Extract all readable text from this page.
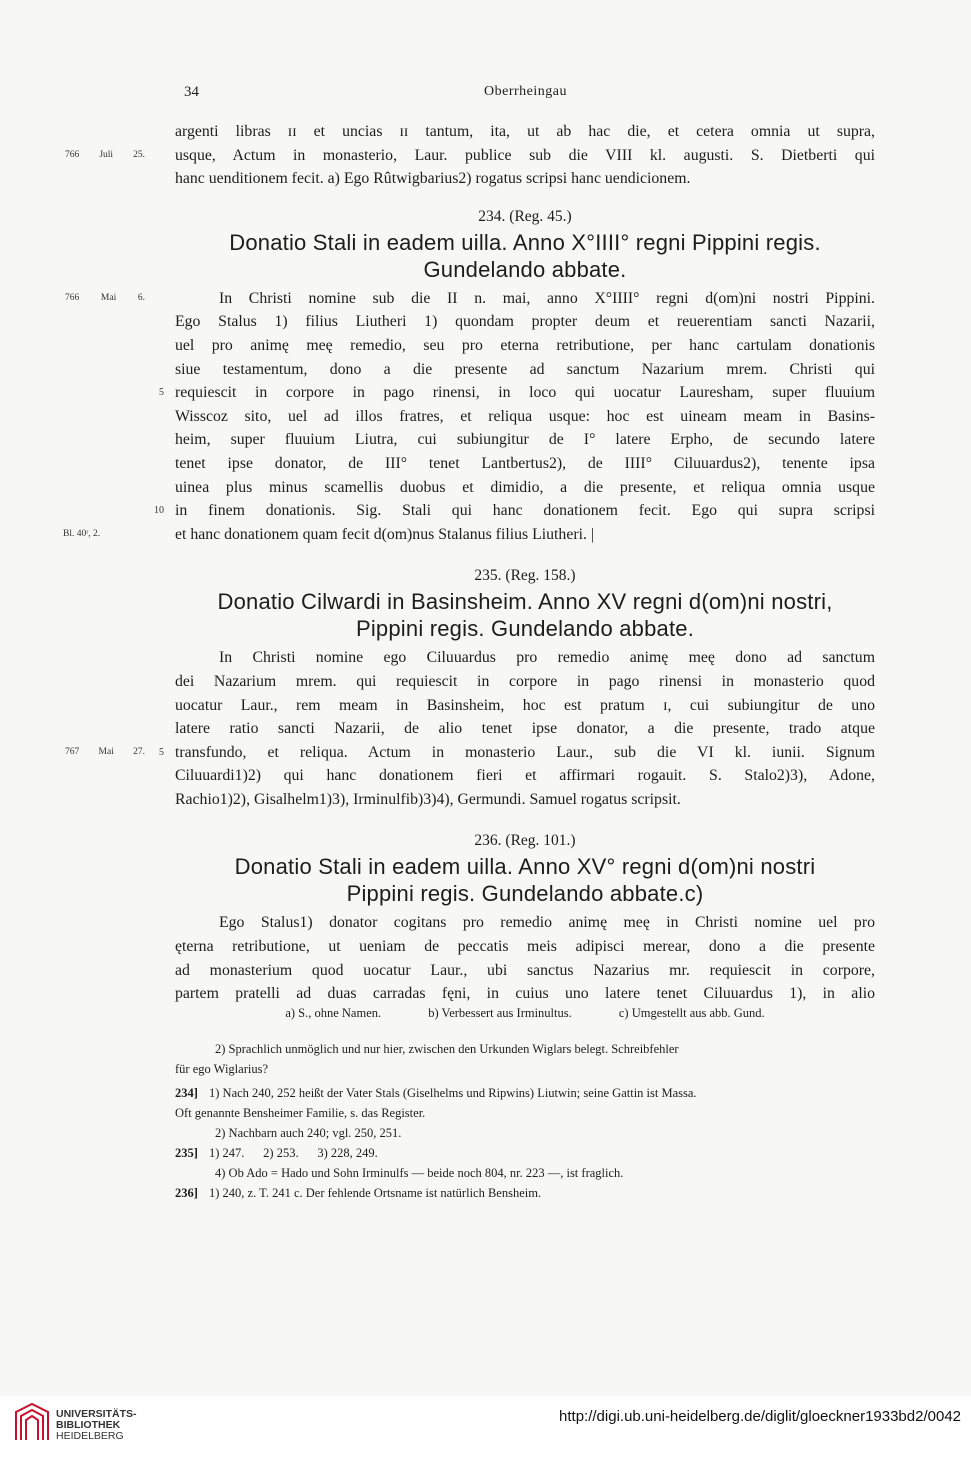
34	Oberrheingau
argenti libras ɪɪ et uncias ɪɪ tantum, ita, ut ab hac die, et cetera omnia ut supra,
766 Juli 25. usque, Actum in monasterio, Laur. publice sub die VIII kl. augusti. S. Dietberti qui
hanc uenditionem fecit. a) Ego Rûtwigbarius2) rogatus scripsi hanc uendicionem.
234. (Reg. 45.)
Donatio Stali in eadem uilla. Anno X°IIII° regni Pippini regis.
Gundelando abbate.
766 Mai 6.	In Christi nomine sub die II n. mai, anno X°IIII° regni d(om)ni nostri Pippini.
Ego Stalus 1) filius Liutheri 1) quondam propter deum et reuerentiam sancti Nazarii,
uel pro animę meę remedio, seu pro eterna retributione, per hanc cartulam donationis
siue testamentum, dono a die presente ad sanctum Nazarium mrem. Christi qui
5 requiescit in corpore in pago rinensi, in loco qui uocatur Lauresham, super fluuium
Wisscoz sito, uel ad illos fratres, et reliqua usque: hoc est uineam meam in Basins-
heim, super fluuium Liutra, cui subiungitur de I° latere Erpho, de secundo latere
tenet ipse donator, de III° tenet Lantbertus2), de IIII° Ciluuardus2), tenente ipsa
uinea plus minus scamellis duobus et dimidio, a die presente, et reliqua omnia usque
10 in finem donationis. Sig. Stali qui hanc donationem fecit. Ego qui supra scripsi
Bl. 40ʳ, 2.	et hanc donationem quam fecit d(om)nus Stalanus filius Liutheri. |
235. (Reg. 158.)
Donatio Cilwardi in Basinsheim. Anno XV regni d(om)ni nostri,
Pippini regis. Gundelando abbate.
In Christi nomine ego Ciluuardus pro remedio animę meę dono ad sanctum
dei Nazarium mrem. qui requiescit in corpore in pago rinensi in monasterio quod
uocatur Laur., rem meam in Basinsheim, hoc est pratum ɪ, cui subiungitur de uno
latere ratio sancti Nazarii, de alio tenet ipse donator, a die presente, trado atque
767 Mai 27. 5 transfundo, et reliqua. Actum in monasterio Laur., sub die VI kl. iunii. Signum
Ciluuardi1)2) qui hanc donationem fieri et affirmari rogauit. S. Stalo2)3), Adone,
Rachio1)2), Gisalhelm1)3), Irminulfib)3)4), Germundi. Samuel rogatus scripsit.
236. (Reg. 101.)
Donatio Stali in eadem uilla. Anno XV° regni d(om)ni nostri
Pippini regis. Gundelando abbate.c)
Ego Stalus1) donator cogitans pro remedio animę meę in Christi nomine uel pro
ęterna retributione, ut ueniam de peccatis meis adipisci merear, dono a die presente
ad monasterium quod uocatur Laur., ubi sanctus Nazarius mr. requiescit in corpore,
partem pratelli ad duas carradas fęni, in cuius uno latere tenet Ciluuardus 1), in alio
a) S., ohne Namen.	b) Verbessert aus Irminultus.	c) Umgestellt aus abb. Gund.
2) Sprachlich unmöglich und nur hier, zwischen den Urkunden Wiglars belegt. Schreibfehler
für ego Wiglarius?
234] 1) Nach 240, 252 heißt der Vater Stals (Giselhelms und Ripwins) Liutwin; seine Gattin ist Massa.
Oft genannte Bensheimer Familie, s. das Register.
2) Nachbarn auch 240; vgl. 250, 251.
235] 1) 247.      2) 253.      3) 228, 249.
4) Ob Ado = Hado und Sohn Irminulfs — beide noch 804, nr. 223 —, ist fraglich.
236] 1) 240, z. T. 241 c. Der fehlende Ortsname ist natürlich Bensheim.
UNIVERSITÄTS-
BIBLIOTHEK
HEIDELBERG
http://digi.ub.uni-heidelberg.de/diglit/gloeckner1933bd2/0042
